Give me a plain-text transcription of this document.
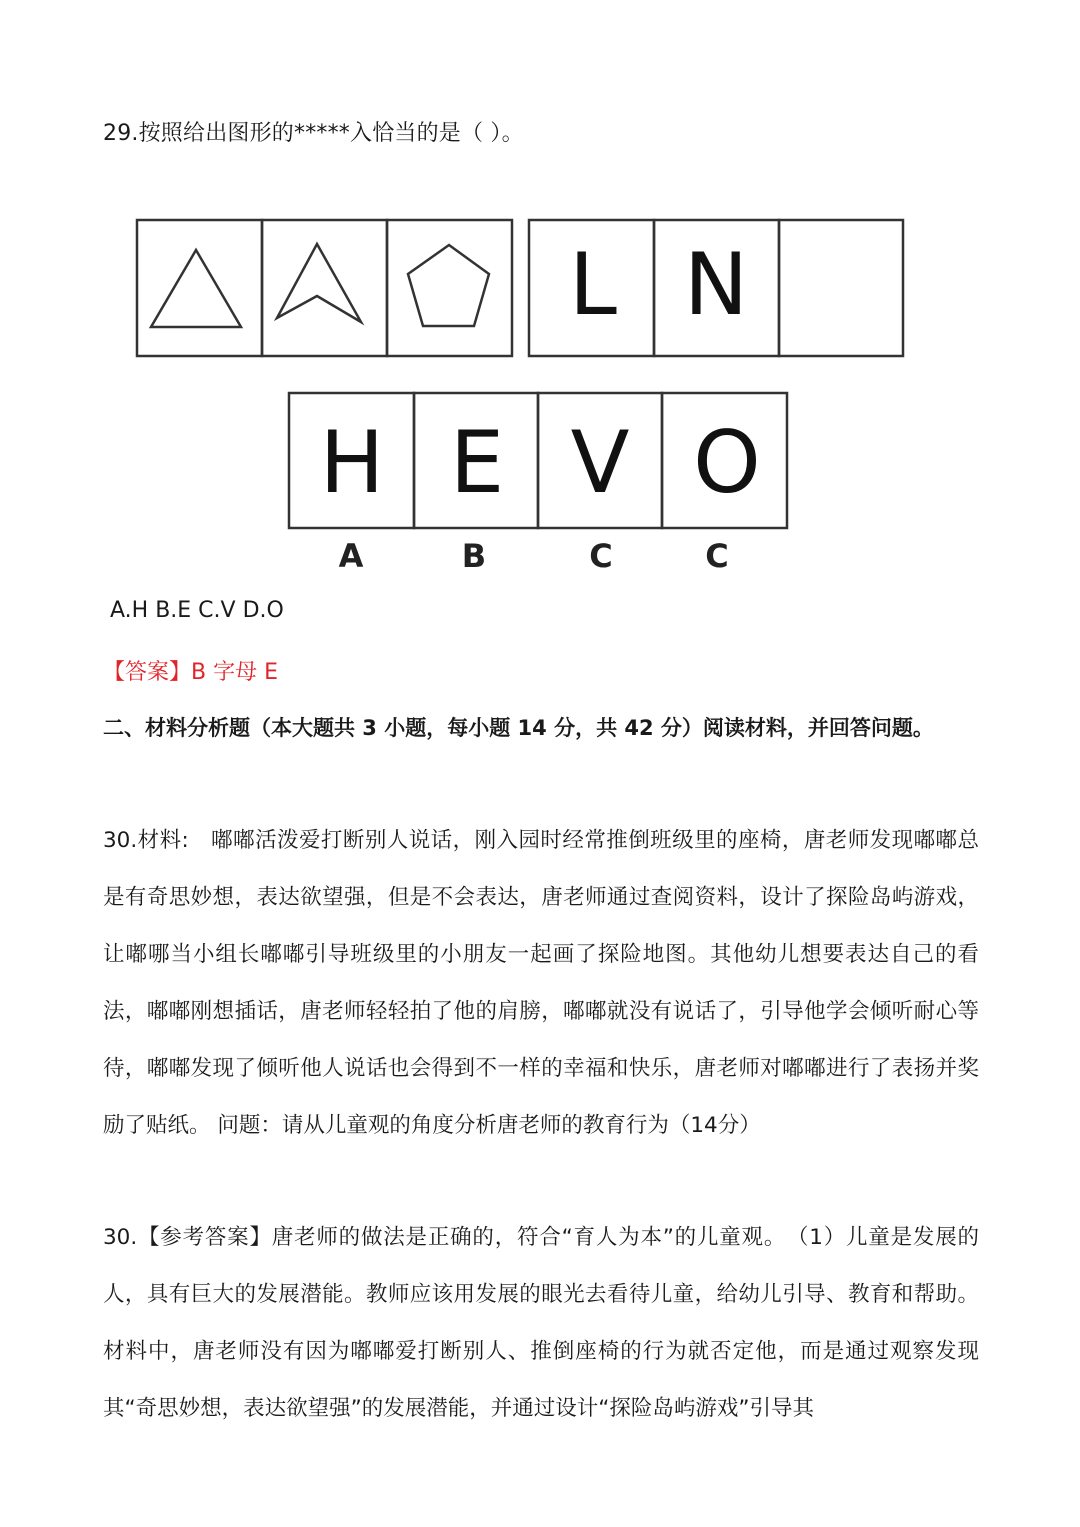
29.按照给出图形的*****入恰当的是（ ）。
L N
H E V O
A	B	C	C
A.H B.E C.V D.O
【答案】B 字母 E
二、材料分析题（本大题共 3 小题，每小题 14 分，共 42 分）阅读材料，并回答问题。
30.材料:　嘟嘟活泼爱打断别人说话，刚入园时经常推倒班级里的座椅，唐老师发现嘟嘟总是有奇思妙想，表达欲望强，但是不会表达，唐老师通过查阅资料，设计了探险岛屿游戏，让嘟哪当小组长嘟嘟引导班级里的小朋友一起画了探险地图。其他幼儿想要表达自己的看法，嘟嘟刚想插话，唐老师轻轻拍了他的肩膀，嘟嘟就没有说话了，引导他学会倾听耐心等待，嘟嘟发现了倾听他人说话也会得到不一样的幸福和快乐，唐老师对嘟嘟进行了表扬并奖励了贴纸。 问题：请从儿童观的角度分析唐老师的教育行为（14分）
30.【参考答案】唐老师的做法是正确的，符合“育人为本”的儿童观。　（1）儿童是发展的人，具有巨大的发展潜能。教师应该用发展的眼光去看待儿童，给幼儿引导、教育和帮助。材料中，唐老师没有因为嘟嘟爱打断别人、推倒座椅的行为就否定他，而是通过观察发现其“奇思妙想，表达欲望强”的发展潜能，并通过设计“探险岛屿游戏”引导其
